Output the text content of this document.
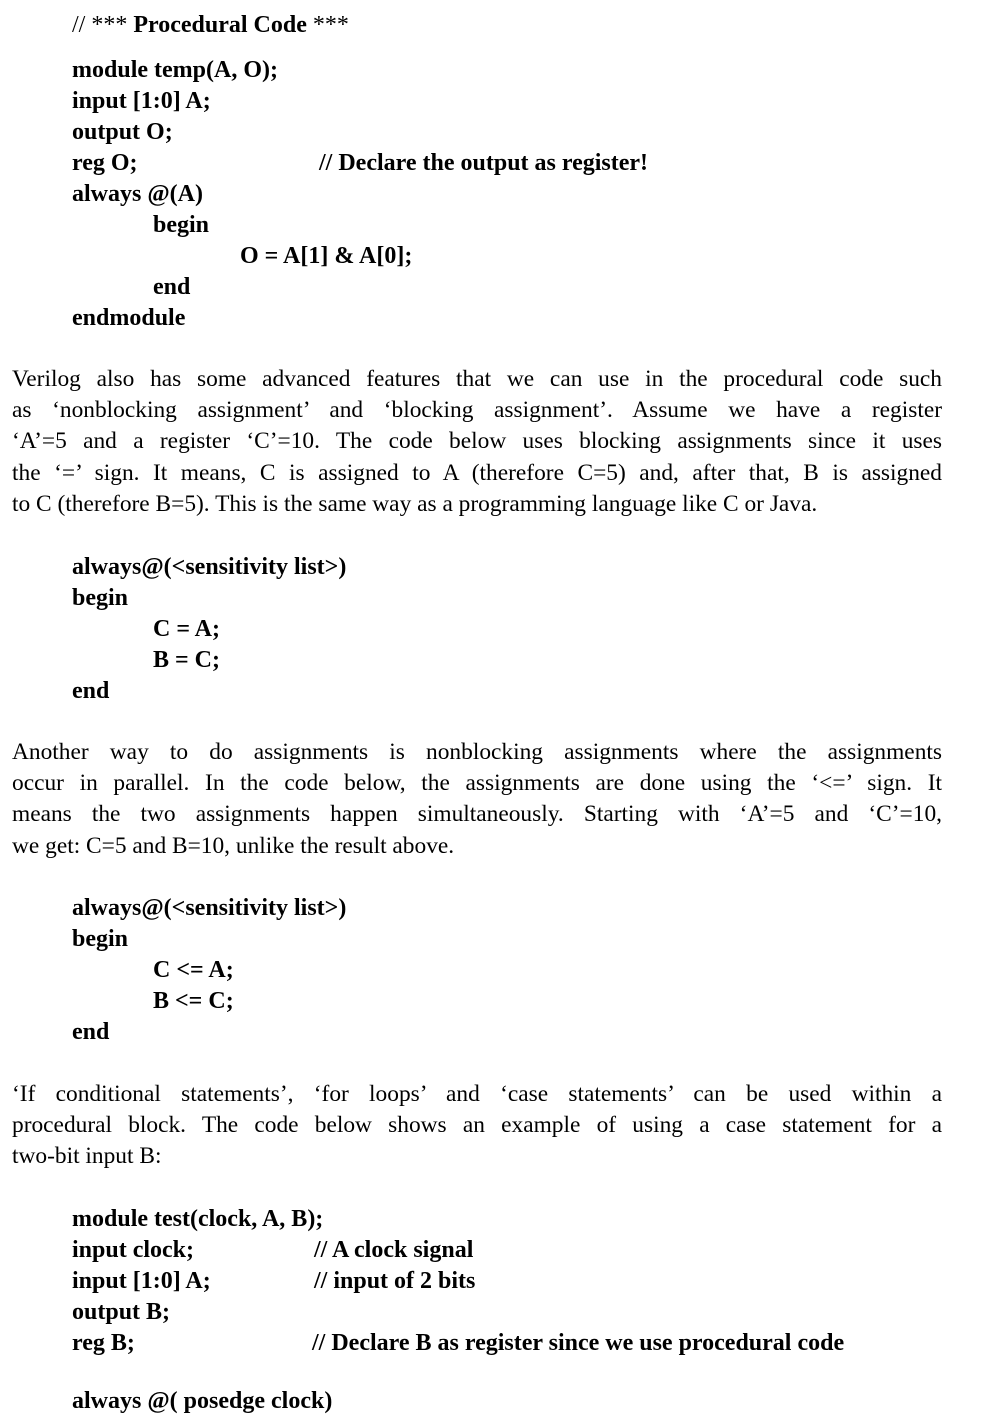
// *** Procedural Code ***
module temp(A, O);
input [1:0] A;
output O;
reg O;	// Declare the output as register!
always @(A)
begin
O = A[1] & A[0];
end
endmodule
Verilog also has some advanced features that we can use in the procedural code such
as ‘nonblocking assignment’ and ‘blocking assignment’. Assume we have a register
‘A’=5 and a register ‘C’=10. The code below uses blocking assignments since it uses
the ‘=’ sign. It means, C is assigned to A (therefore C=5) and, after that, B is assigned
to C (therefore B=5). This is the same way as a programming language like C or Java.
always@(<sensitivity list>)
begin
C = A;
B = C;
end
Another way to do assignments is nonblocking assignments where the assignments
occur in parallel. In the code below, the assignments are done using the ‘<=’ sign. It
means the two assignments happen simultaneously. Starting with ‘A’=5 and ‘C’=10,
we get: C=5 and B=10, unlike the result above.
always@(<sensitivity list>)
begin
C <= A;
B <= C;
end
‘If conditional statements’, ‘for loops’ and ‘case statements’ can be used within a
procedural block. The code below shows an example of using a case statement for a
two-bit input B:
module test(clock, A, B);
input clock;	// A clock signal
input [1:0] A;	// input of 2 bits
output B;
reg B;	// Declare B as register since we use procedural code
always @( posedge clock)
